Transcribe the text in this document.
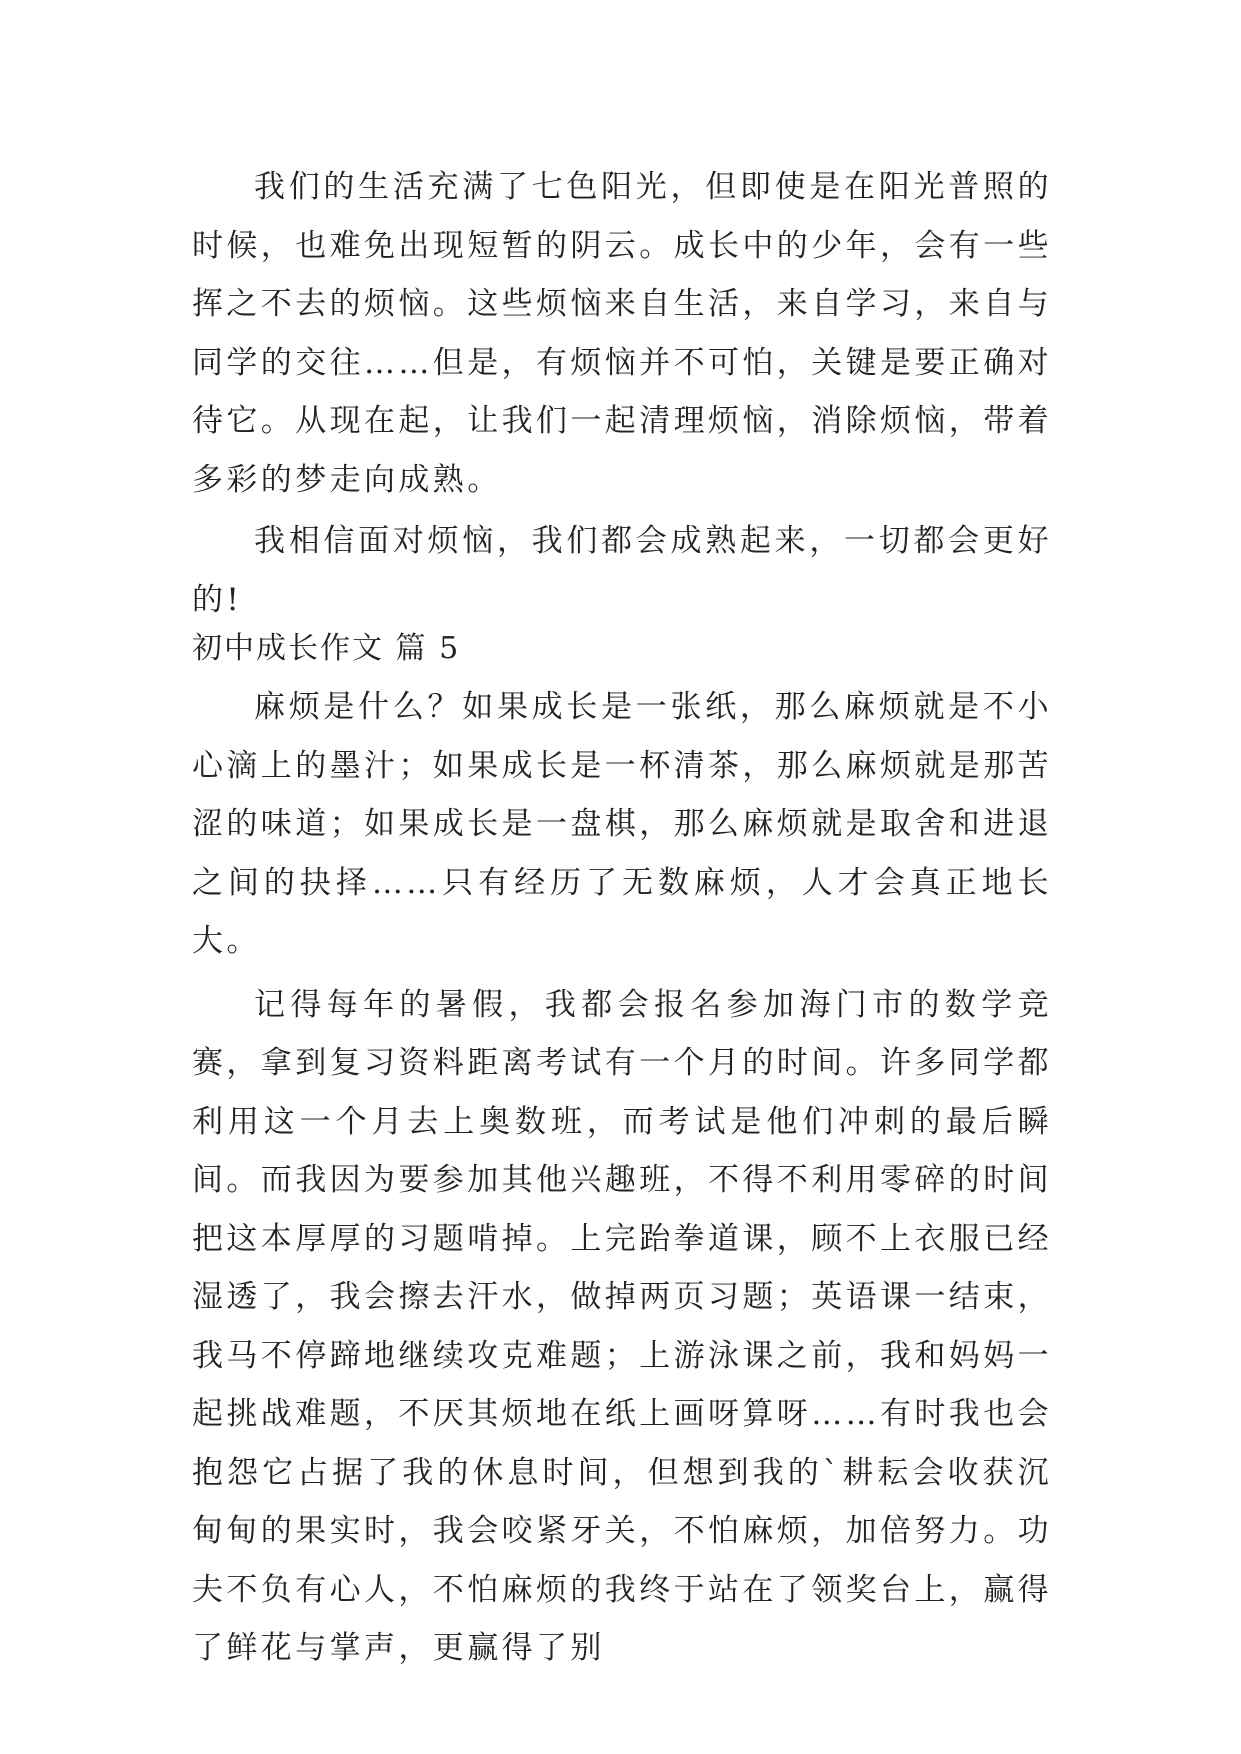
我们的生活充满了七色阳光，但即使是在阳光普照的时候，也难免出现短暂的阴云。成长中的少年，会有一些挥之不去的烦恼。这些烦恼来自生活，来自学习，来自与同学的交往……但是，有烦恼并不可怕，关键是要正确对待它。从现在起，让我们一起清理烦恼，消除烦恼，带着多彩的梦走向成熟。

我相信面对烦恼，我们都会成熟起来，一切都会更好的!

初中成长作文 篇 5

麻烦是什么？如果成长是一张纸，那么麻烦就是不小心滴上的墨汁；如果成长是一杯清茶，那么麻烦就是那苦涩的味道；如果成长是一盘棋，那么麻烦就是取舍和进退之间的抉择……只有经历了无数麻烦，人才会真正地长大。

记得每年的暑假，我都会报名参加海门市的数学竞赛，拿到复习资料距离考试有一个月的时间。许多同学都利用这一个月去上奥数班，而考试是他们冲刺的最后瞬间。而我因为要参加其他兴趣班，不得不利用零碎的时间把这本厚厚的习题啃掉。上完跆拳道课，顾不上衣服已经湿透了，我会擦去汗水，做掉两页习题；英语课一结束，我马不停蹄地继续攻克难题；上游泳课之前，我和妈妈一起挑战难题，不厌其烦地在纸上画呀算呀……有时我也会抱怨它占据了我的休息时间，但想到我的`耕耘会收获沉甸甸的果实时，我会咬紧牙关，不怕麻烦，加倍努力。功夫不负有心人，不怕麻烦的我终于站在了领奖台上，赢得了鲜花与掌声，更赢得了别
